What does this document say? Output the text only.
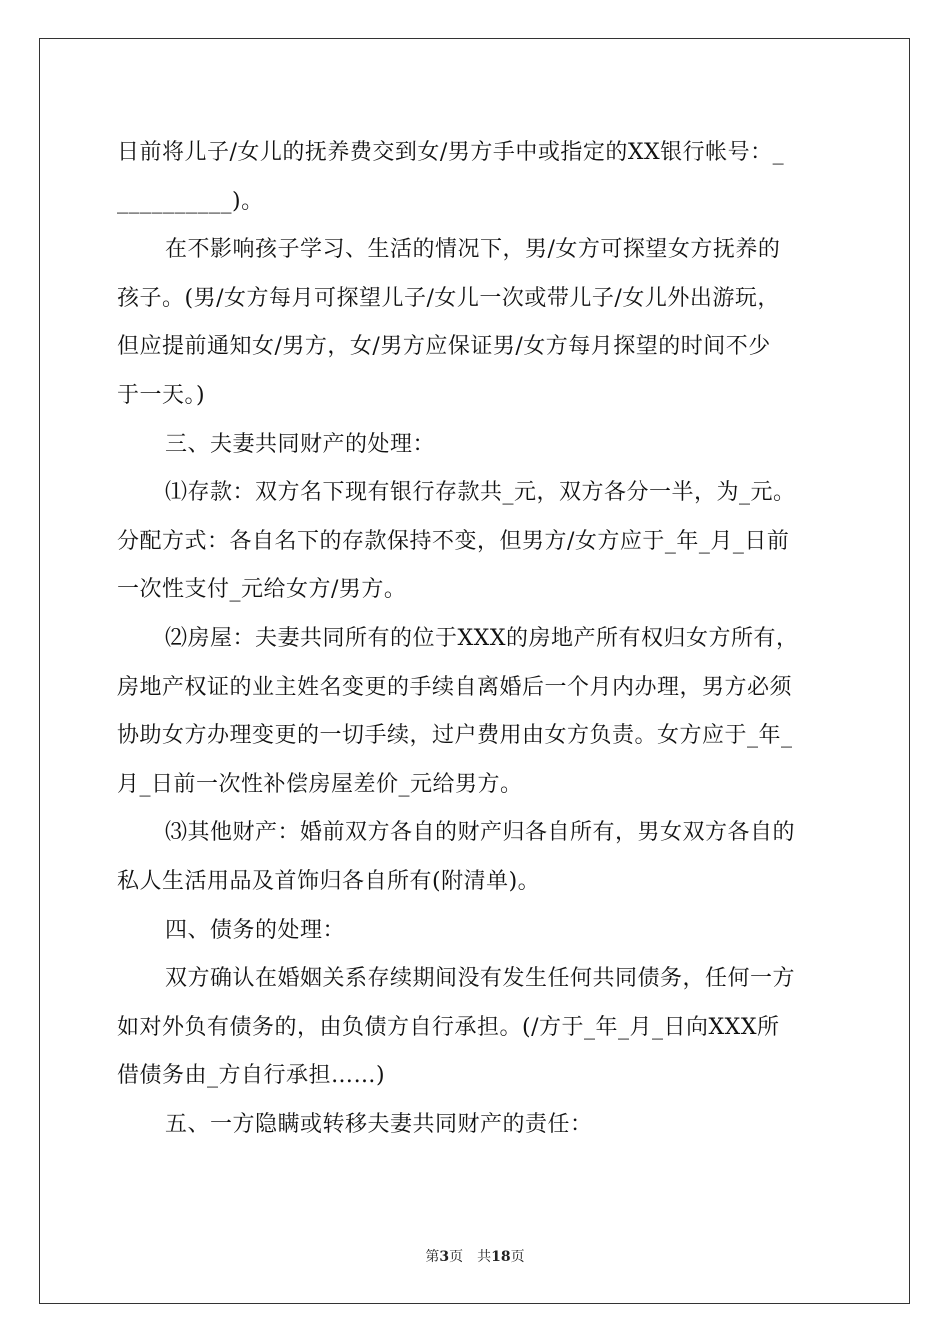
日前将儿子/女儿的抚养费交到女/男方手中或指定的XX银行帐号：_
__________)。
在不影响孩子学习、生活的情况下，男/女方可探望女方抚养的
孩子。(男/女方每月可探望儿子/女儿一次或带儿子/女儿外出游玩，
但应提前通知女/男方，女/男方应保证男/女方每月探望的时间不少
于一天。)
三、夫妻共同财产的处理：
⑴存款：双方名下现有银行存款共_元，双方各分一半，为_元。
分配方式：各自名下的存款保持不变，但男方/女方应于_年_月_日前
一次性支付_元给女方/男方。
⑵房屋：夫妻共同所有的位于XXX的房地产所有权归女方所有，
房地产权证的业主姓名变更的手续自离婚后一个月内办理，男方必须
协助女方办理变更的一切手续，过户费用由女方负责。女方应于_年_
月_日前一次性补偿房屋差价_元给男方。
⑶其他财产：婚前双方各自的财产归各自所有，男女双方各自的
私人生活用品及首饰归各自所有(附清单)。
四、债务的处理：
双方确认在婚姻关系存续期间没有发生任何共同债务，任何一方
如对外负有债务的，由负债方自行承担。(/方于_年_月_日向XXX所
借债务由_方自行承担……)
五、一方隐瞒或转移夫妻共同财产的责任：
第3页　共18页
